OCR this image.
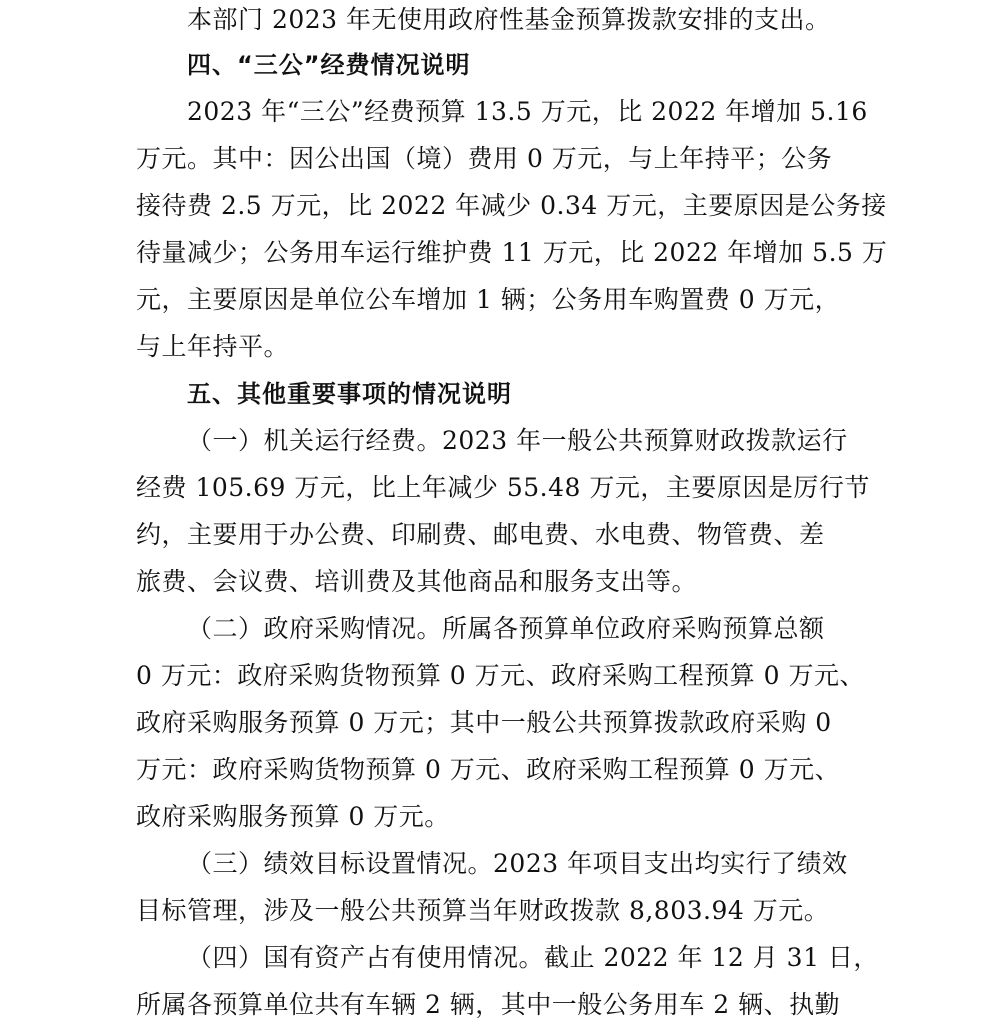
本部门 2023 年无使用政府性基金预算拨款安排的支出。
四、“三公”经费情况说明
2023 年“三公”经费预算 13.5 万元，比 2022 年增加 5.16
万元。其中：因公出国（境）费用 0 万元，与上年持平；公务
接待费 2.5 万元，比 2022 年减少 0.34 万元，主要原因是公务接
待量减少；公务用车运行维护费 11 万元，比 2022 年增加 5.5 万
元，主要原因是单位公车增加 1 辆；公务用车购置费 0 万元，
与上年持平。
五、其他重要事项的情况说明
（一）机关运行经费。2023 年一般公共预算财政拨款运行
经费 105.69 万元，比上年减少 55.48 万元，主要原因是厉行节
约，主要用于办公费、印刷费、邮电费、水电费、物管费、差
旅费、会议费、培训费及其他商品和服务支出等。
（二）政府采购情况。所属各预算单位政府采购预算总额
0 万元：政府采购货物预算 0 万元、政府采购工程预算 0 万元、
政府采购服务预算 0 万元；其中一般公共预算拨款政府采购 0
万元：政府采购货物预算 0 万元、政府采购工程预算 0 万元、
政府采购服务预算 0 万元。
（三）绩效目标设置情况。2023 年项目支出均实行了绩效
目标管理，涉及一般公共预算当年财政拨款 8,803.94 万元。
（四）国有资产占有使用情况。截止 2022 年 12 月 31 日，
所属各预算单位共有车辆 2 辆，其中一般公务用车 2 辆、执勤
